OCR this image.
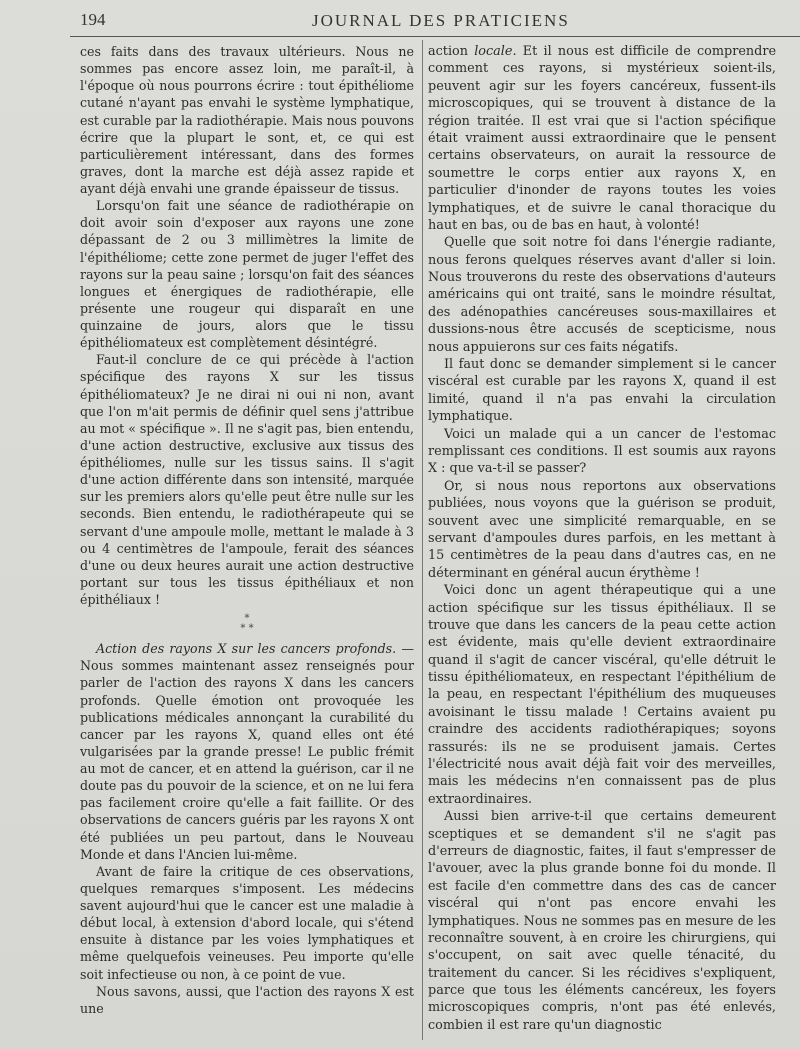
194	JOURNAL DES PRATICIENS

ces faits dans des travaux ultérieurs. Nous ne sommes pas encore assez loin, me paraît-il, à l'époque où nous pourrons écrire : tout épithéliome cutané n'ayant pas envahi le système lymphatique, est curable par la radiothérapie. Mais nous pouvons écrire que la plupart le sont, et, ce qui est particulièrement intéressant, dans des formes graves, dont la marche est déjà assez rapide et ayant déjà envahi une grande épaisseur de tissus.

Lorsqu'on fait une séance de radiothérapie on doit avoir soin d'exposer aux rayons une zone dépassant de 2 ou 3 millimètres la limite de l'épithéliome; cette zone permet de juger l'effet des rayons sur la peau saine ; lorsqu'on fait des séances longues et énergiques de radiothérapie, elle présente une rougeur qui disparaît en une quinzaine de jours, alors que le tissu épithéliomateux est complètement désintégré.

Faut-il conclure de ce qui précède à l'action spécifique des rayons X sur les tissus épithéliomateux? Je ne dirai ni oui ni non, avant que l'on m'ait permis de définir quel sens j'attribue au mot « spécifique ». Il ne s'agit pas, bien entendu, d'une action destructive, exclusive aux tissus des épithéliomes, nulle sur les tissus sains. Il s'agit d'une action différente dans son intensité, marquée sur les premiers alors qu'elle peut être nulle sur les seconds. Bien entendu, le radiothérapeute qui se servant d'une ampoule molle, mettant le malade à 3 ou 4 centimètres de l'ampoule, ferait des séances d'une ou deux heures aurait une action destructive portant sur tous les tissus épithéliaux et non épithéliaux !

*
* *

Action des rayons X sur les cancers profonds. — Nous sommes maintenant assez renseignés pour parler de l'action des rayons X dans les cancers profonds. Quelle émotion ont provoquée les publications médicales annonçant la curabilité du cancer par les rayons X, quand elles ont été vulgarisées par la grande presse! Le public frémit au mot de cancer, et en attend la guérison, car il ne doute pas du pouvoir de la science, et on ne lui fera pas facilement croire qu'elle a fait faillite. Or des observations de cancers guéris par les rayons X ont été publiées un peu partout, dans le Nouveau Monde et dans l'Ancien lui-même.

Avant de faire la critique de ces observations, quelques remarques s'imposent. Les médecins savent aujourd'hui que le cancer est une maladie à début local, à extension d'abord locale, qui s'étend ensuite à distance par les voies lymphatiques et même quelquefois veineuses. Peu importe qu'elle soit infectieuse ou non, à ce point de vue.

Nous savons, aussi, que l'action des rayons X est une

action locale. Et il nous est difficile de comprendre comment ces rayons, si mystérieux soient-ils, peuvent agir sur les foyers cancéreux, fussent-ils microscopiques, qui se trouvent à distance de la région traitée. Il est vrai que si l'action spécifique était vraiment aussi extraordinaire que le pensent certains observateurs, on aurait la ressource de soumettre le corps entier aux rayons X, en particulier d'inonder de rayons toutes les voies lymphatiques, et de suivre le canal thoracique du haut en bas, ou de bas en haut, à volonté!

Quelle que soit notre foi dans l'énergie radiante, nous ferons quelques réserves avant d'aller si loin. Nous trouverons du reste des observations d'auteurs américains qui ont traité, sans le moindre résultat, des adénopathies cancéreuses sous-maxillaires et dussions-nous être accusés de scepticisme, nous nous appuierons sur ces faits négatifs.

Il faut donc se demander simplement si le cancer viscéral est curable par les rayons X, quand il est limité, quand il n'a pas envahi la circulation lymphatique.

Voici un malade qui a un cancer de l'estomac remplissant ces conditions. Il est soumis aux rayons X : que va-t-il se passer?

Or, si nous nous reportons aux observations publiées, nous voyons que la guérison se produit, souvent avec une simplicité remarquable, en se servant d'ampoules dures parfois, en les mettant à 15 centimètres de la peau dans d'autres cas, en ne déterminant en général aucun érythème !

Voici donc un agent thérapeutique qui a une action spécifique sur les tissus épithéliaux. Il se trouve que dans les cancers de la peau cette action est évidente, mais qu'elle devient extraordinaire quand il s'agit de cancer viscéral, qu'elle détruit le tissu épithéliomateux, en respectant l'épithélium de la peau, en respectant l'épithélium des muqueuses avoisinant le tissu malade ! Certains avaient pu craindre des accidents radiothérapiques; soyons rassurés: ils ne se produisent jamais. Certes l'électricité nous avait déjà fait voir des merveilles, mais les médecins n'en connaissent pas de plus extraordinaires.

Aussi bien arrive-t-il que certains demeurent sceptiques et se demandent s'il ne s'agit pas d'erreurs de diagnostic, faites, il faut s'empresser de l'avouer, avec la plus grande bonne foi du monde. Il est facile d'en commettre dans des cas de cancer viscéral qui n'ont pas encore envahi les lymphatiques. Nous ne sommes pas en mesure de les reconnaître souvent, à en croire les chirurgiens, qui s'occupent, on sait avec quelle ténacité, du traitement du cancer. Si les récidives s'expliquent, parce que tous les éléments cancéreux, les foyers microscopiques compris, n'ont pas été enlevés, combien il est rare qu'un diagnostic
